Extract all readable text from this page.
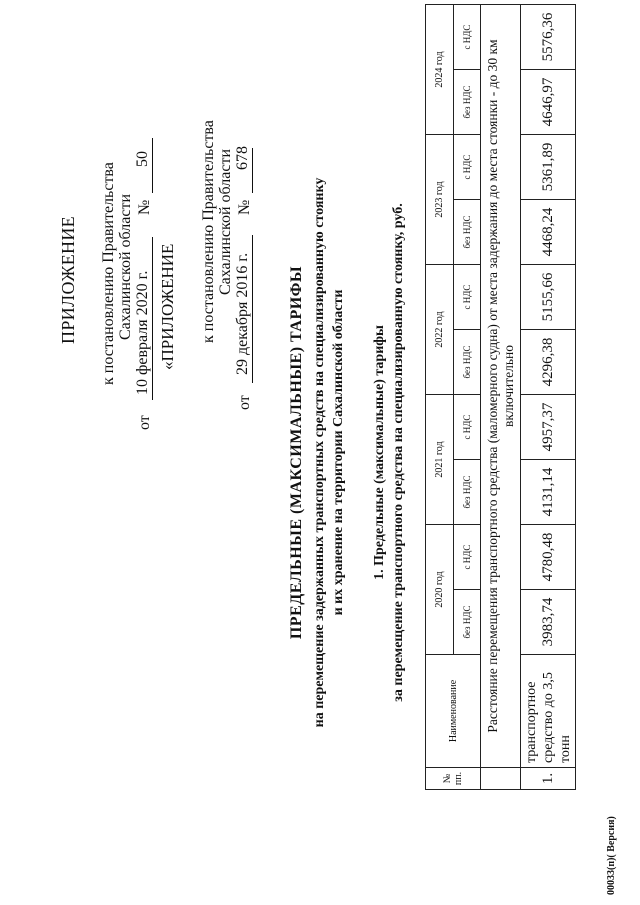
ПРИЛОЖЕНИЕ к постановлению Правительства Сахалинской области
от
10 февраля 2020 г.
№
50
«ПРИЛОЖЕНИЕ к постановлению Правительства Сахалинской области
от
29 декабря 2016 г.
№
678
ПРЕДЕЛЬНЫЕ (МАКСИМАЛЬНЫЕ) ТАРИФЫ на перемещение задержанных транспортных средств на специализированную стоянку и их хранение на территории Сахалинской области 1. Предельные (максимальные) тарифы за перемещение транспортного средства на специализированную стоянку, руб.
№ пп.	Наименование	2020 год		2021 год		2022 год		2023 год		2024 год	
		без НДС	с НДС	без НДС	с НДС	без НДС	с НДС	без НДС	с НДС	без НДС	с НДС
	Расстояние перемещения транспортного средства (маломерного судна) от места задержания до места стоянки - до 30 км включительно										
1.	транспортное средство до 3,5 тонн	3983,74	4780,48	4131,14	4957,37	4296,38	5155,66	4468,24	5361,89	4646,97	5576,36
00033(п)( Версия)
